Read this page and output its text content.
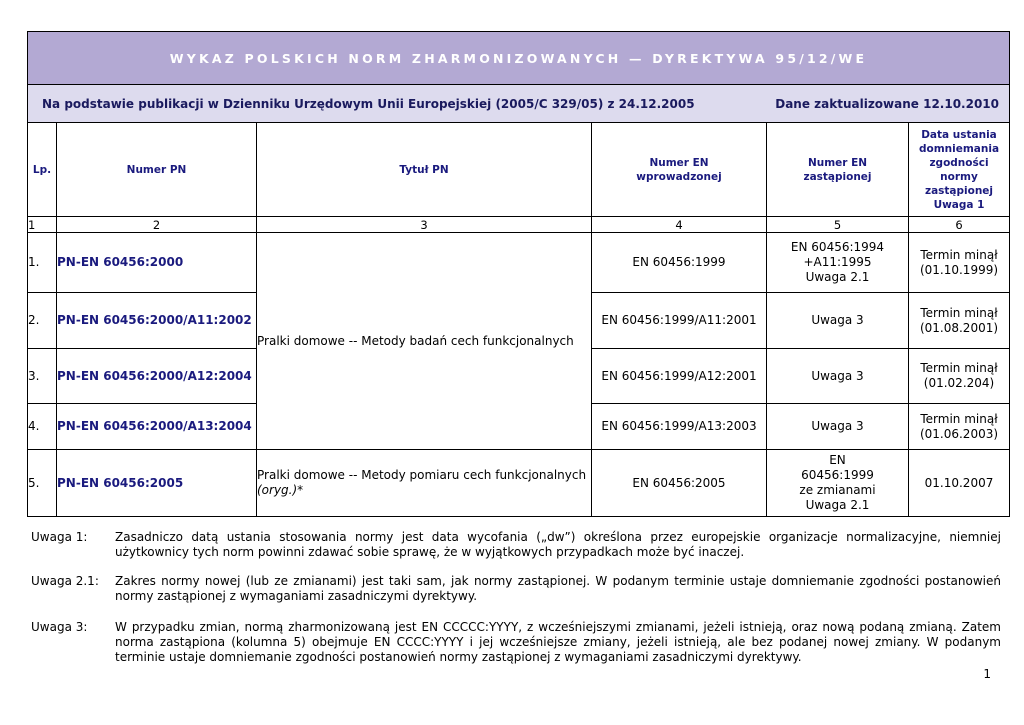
WYKAZ POLSKICH NORM ZHARMONIZOWANYCH — DYREKTYWA 95/12/WE					

Na podstawie publikacji w Dzienniku Urzędowym Unii Europejskiej (2005/C 329/05) z 24.12.2005 Dane zaktualizowane 12.10.2010					

Lp.	Numer PN	Tytuł PN	Numer EN wprowadzonej	Numer EN zastąpionej	Data ustania domniemania zgodności normy zastąpionej Uwaga 1

1	2	3	4	5	6
1.	PN-EN 60456:2000	Pralki domowe -- Metody badań cech funkcjonalnych	EN 60456:1999	EN 60456:1994 +A11:1995 Uwaga 2.1	Termin minął (01.10.1999)

2.	PN-EN 60456:2000/A11:2002		EN 60456:1999/A11:2001	Uwaga 3	Termin minął (01.08.2001)

3.	PN-EN 60456:2000/A12:2004		EN 60456:1999/A12:2001	Uwaga 3	Termin minął (01.02.204)

4.	PN-EN 60456:2000/A13:2004		EN 60456:1999/A13:2003	Uwaga 3	Termin minął (01.06.2003)

5.	PN-EN 60456:2005	Pralki domowe -- Metody pomiaru cech funkcjonalnych (oryg.)*	EN 60456:2005	EN 60456:1999 ze zmianami Uwaga 2.1	01.10.2007
Uwaga 1:	Zasadniczo datą ustania stosowania normy jest data wycofania („dw”) określona przez europejskie organizacje normalizacyjne, niemniej użytkownicy tych norm powinni zdawać sobie sprawę, że w wyjątkowych przypadkach może być inaczej.
Uwaga 2.1:	Zakres normy nowej (lub ze zmianami) jest taki sam, jak normy zastąpionej. W podanym terminie ustaje domniemanie zgodności postanowień normy zastąpionej z wymaganiami zasadniczymi dyrektywy.
Uwaga 3:	W przypadku zmian, normą zharmonizowaną jest EN CCCCC:YYYY, z wcześniejszymi zmianami, jeżeli istnieją, oraz nową podaną zmianą. Zatem norma zastąpiona (kolumna 5) obejmuje EN CCCC:YYYY i jej wcześniejsze zmiany, jeżeli istnieją, ale bez podanej nowej zmiany. W podanym terminie ustaje domniemanie zgodności postanowień normy zastąpionej z wymaganiami zasadniczymi dyrektywy.
1
